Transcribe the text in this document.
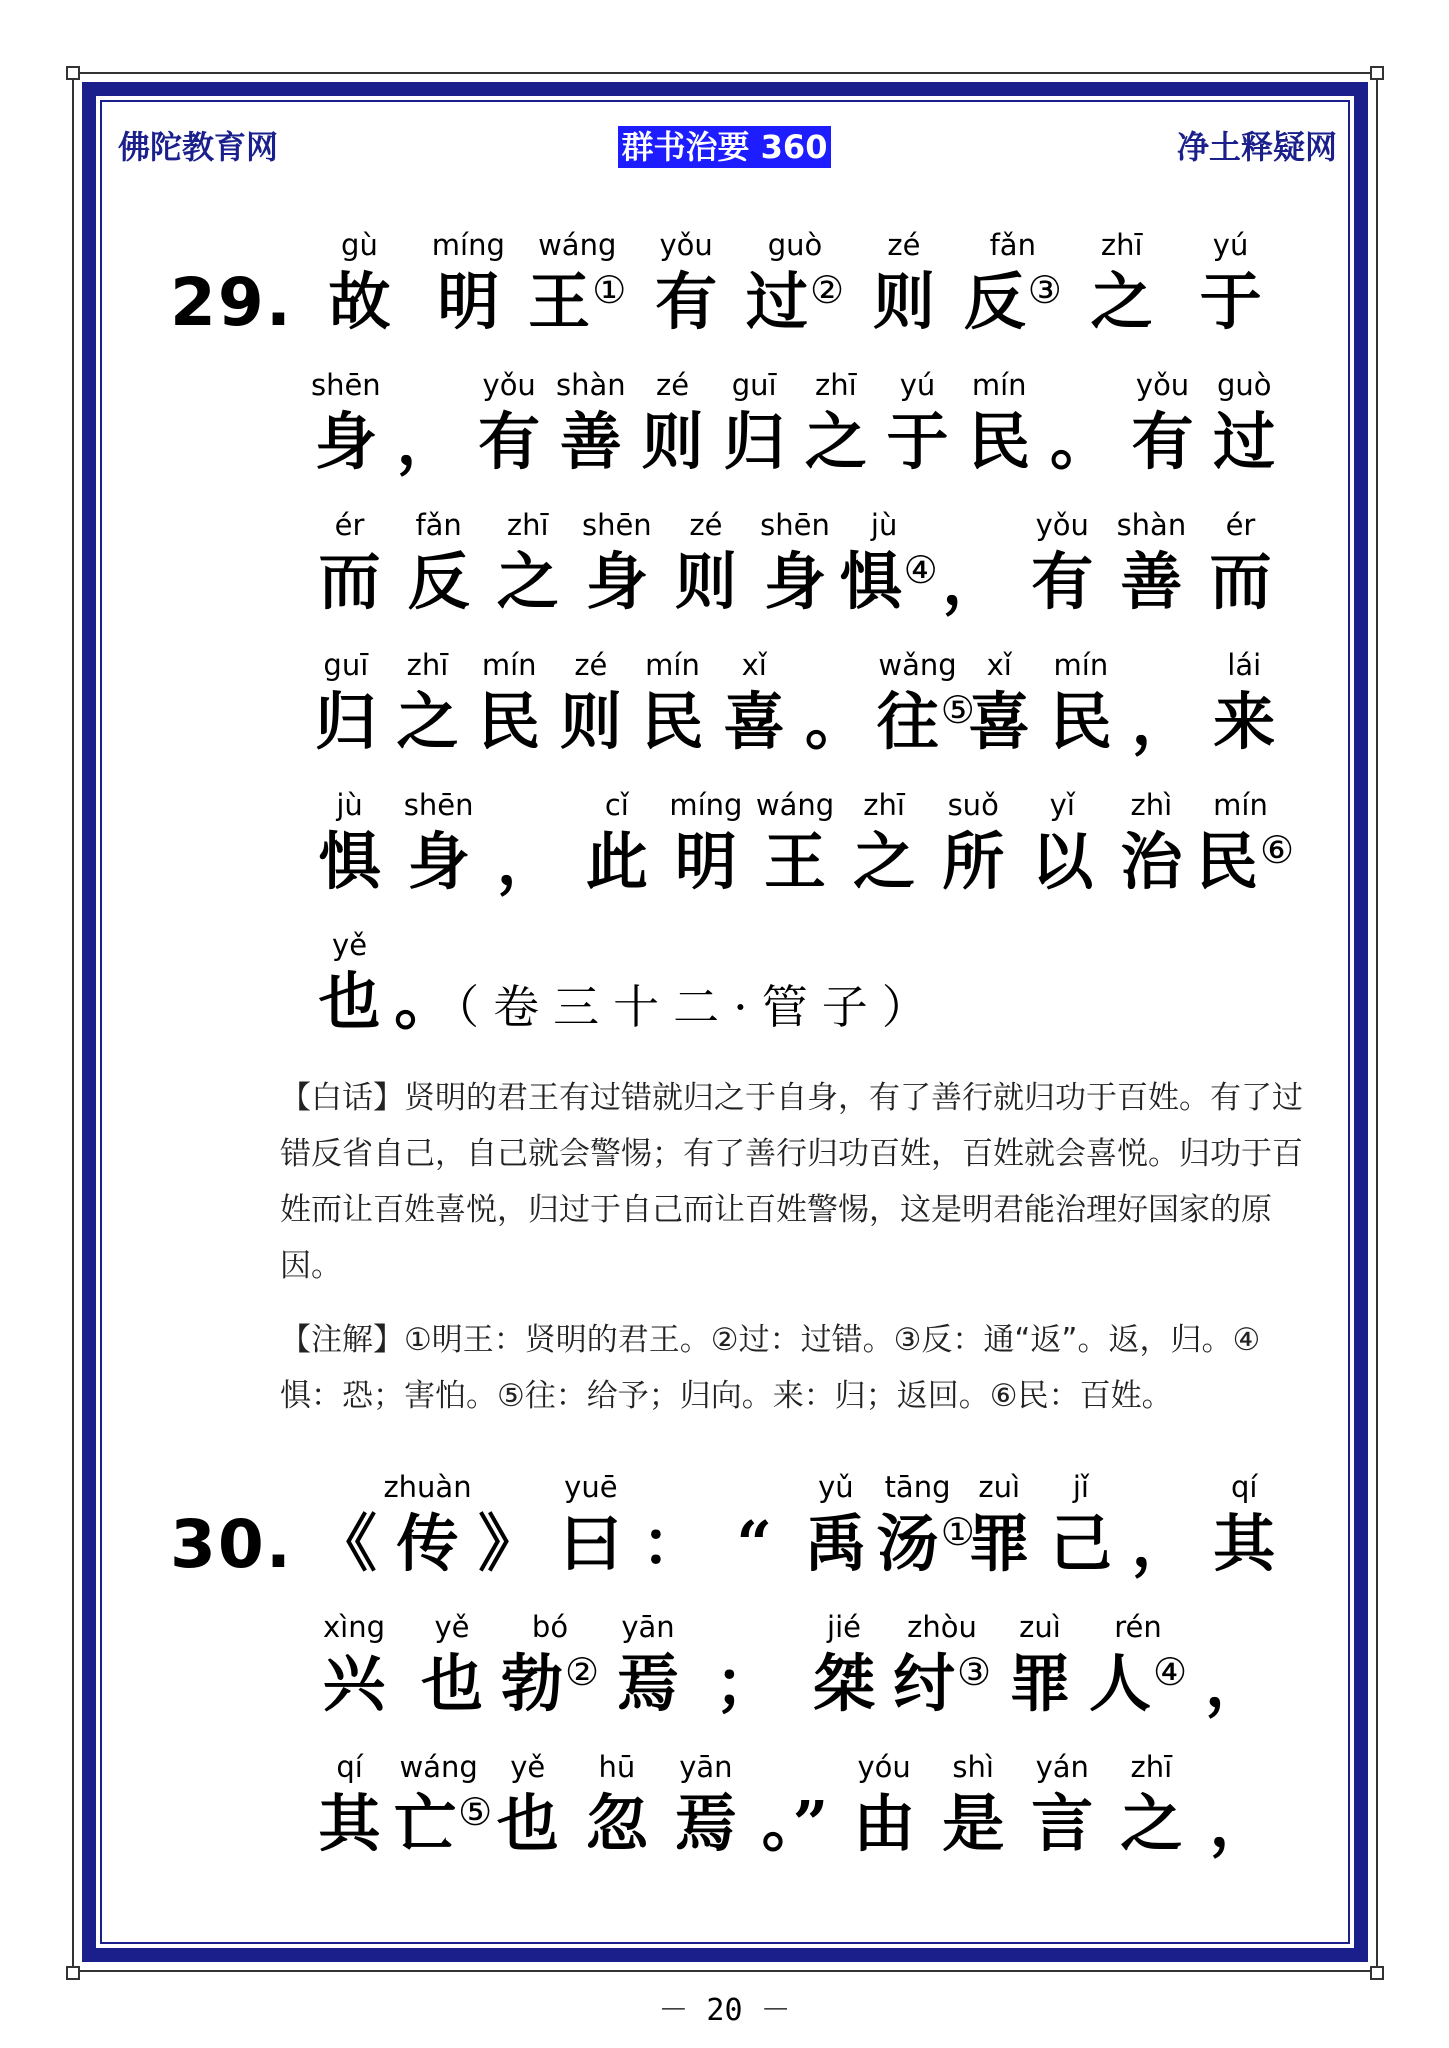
佛陀教育网	群书治要 360	净土释疑网
29.
gù
故
míng
明
wáng
王①
yǒu
有
guò
过②
zé
则
fǎn
反③
zhī
之
yú
于
shēn
身 ，
yǒu
有
shàn
善
zé
则
guī
归
zhī
之
yú
于
mín
民 。
yǒu
有
guò
过
ér
而
fǎn
反
zhī
之
shēn
身
zé
则
shēn
身
jù
惧④ ，
yǒu
有
shàn
善
ér
而
guī
归
zhī
之
mín
民
zé
则
mín
民
xǐ
喜 。
wǎng
往⑤
xǐ
喜
mín
民 ，
lái
来
jù
惧
shēn
身 ，
cǐ
此
míng
明
wáng
王
zhī
之
suǒ
所
yǐ
以
zhì
治
mín
民⑥
yě
也 。（卷三十二·管子）
【白话】贤明的君王有过错就归之于自身，有了善行就归功于百姓。有了过错反省自己，自己就会警惕；有了善行归功百姓，百姓就会喜悦。归功于百姓而让百姓喜悦，归过于自己而让百姓警惕，这是明君能治理好国家的原因。
【注解】①明王：贤明的君王。②过：过错。③反：通“返”。返，归。④惧：恐；害怕。⑤往：给予；归向。来：归；返回。⑥民：百姓。
30. 《
zhuàn
传 》
yuē
曰 ： “
yǔ
禹
tāng
汤①
zuì
罪
jǐ
己 ，
qí
其
xìng
兴
yě
也
bó
勃②
yān
焉 ；
jié
桀
zhòu
纣③
zuì
罪
rén
人④ ，
qí
其
wáng
亡⑤
yě
也
hū
忽
yān
焉 。”
yóu
由
shì
是
yán
言
zhī
之 ，
－ 20 －
